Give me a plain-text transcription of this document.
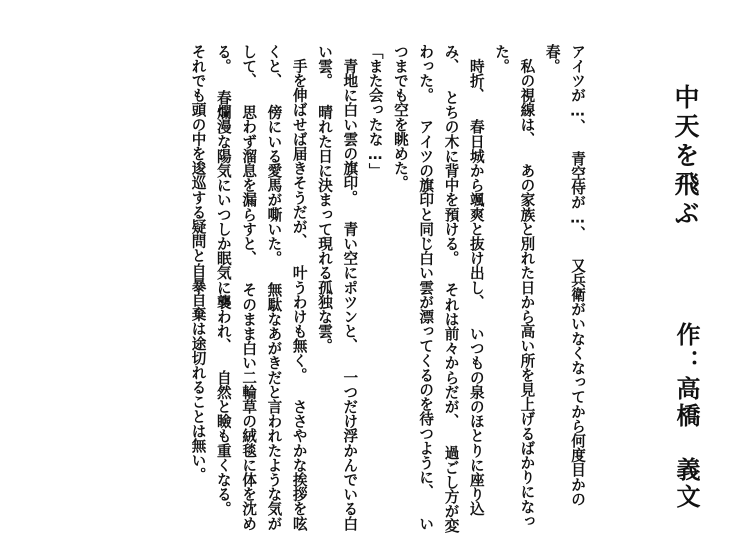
中天を飛ぶ
作：高橋　義文

アイツが…、 青空侍が…、 又兵衛がいなくなってから何度目かの春。

　私の視線は、 あの家族と別れた日から高い所を見上げるばかりになった。

　時折、 春日城から颯爽と抜け出し、 いつもの泉のほとりに座り込み、 とちの木に背中を預ける。 それは前々からだが、 過ごし方が変わった。 アイツの旗印と同じ白い雲が漂ってくるのを待つように、 いつまでも空を眺めた。

「また会ったな…」

　青地に白い雲の旗印。 青い空にポツンと、 一つだけ浮かんでいる白い雲。 晴れた日に決まって現れる孤独な雲。

　手を伸ばせば届きそうだが、 叶うわけも無く。 ささやかな挨拶を呟くと、 傍にいる愛馬が嘶いた。 無駄なあがきだと言われたような気がして、 思わず溜息を漏らすと、 そのまま白い二輪草の絨毯に体を沈める。 春爛漫な陽気にいつしか眠気に襲われ、 自然と瞼も重くなる。 それでも頭の中を逡巡する疑問と自暴自棄は途切れることは無い。
